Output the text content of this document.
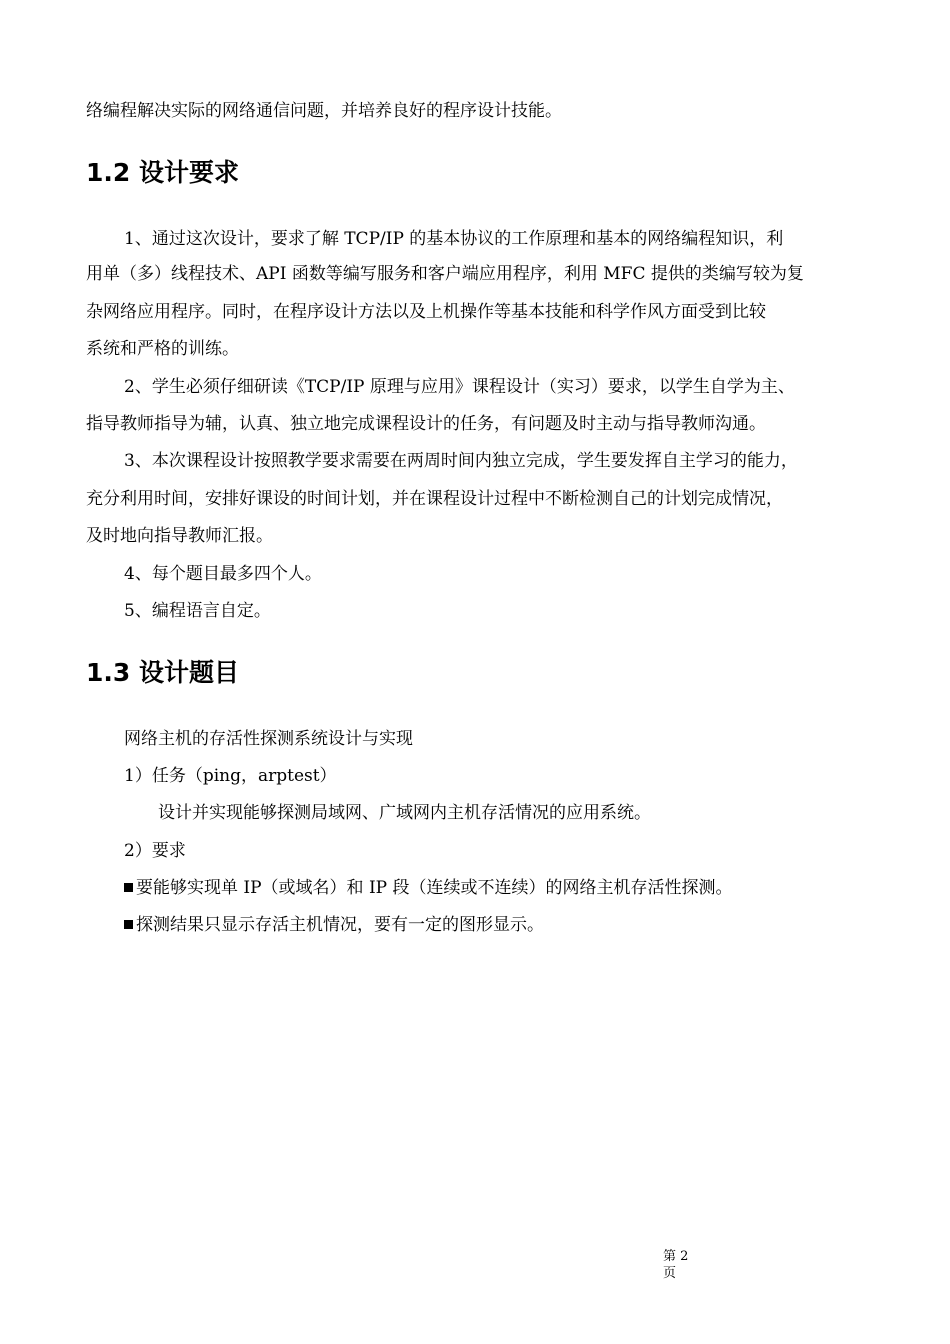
络编程解决实际的网络通信问题，并培养良好的程序设计技能。
1.2 设计要求
1、通过这次设计，要求了解 TCP/IP 的基本协议的工作原理和基本的网络编程知识，利
用单（多）线程技术、API 函数等编写服务和客户端应用程序，利用 MFC 提供的类编写较为复
杂网络应用程序。同时，在程序设计方法以及上机操作等基本技能和科学作风方面受到比较
系统和严格的训练。
2、学生必须仔细研读《TCP/IP 原理与应用》课程设计（实习）要求，以学生自学为主、
指导教师指导为辅，认真、独立地完成课程设计的任务，有问题及时主动与指导教师沟通。
3、本次课程设计按照教学要求需要在两周时间内独立完成，学生要发挥自主学习的能力，
充分利用时间，安排好课设的时间计划，并在课程设计过程中不断检测自己的计划完成情况，
及时地向指导教师汇报。
4、每个题目最多四个人。
5、编程语言自定。
1.3 设计题目
网络主机的存活性探测系统设计与实现
1）任务（ping，arptest）
设计并实现能够探测局域网、广域网内主机存活情况的应用系统。
2）要求
要能够实现单 IP（或域名）和 IP 段（连续或不连续）的网络主机存活性探测。
探测结果只显示存活主机情况，要有一定的图形显示。
第 2
页
